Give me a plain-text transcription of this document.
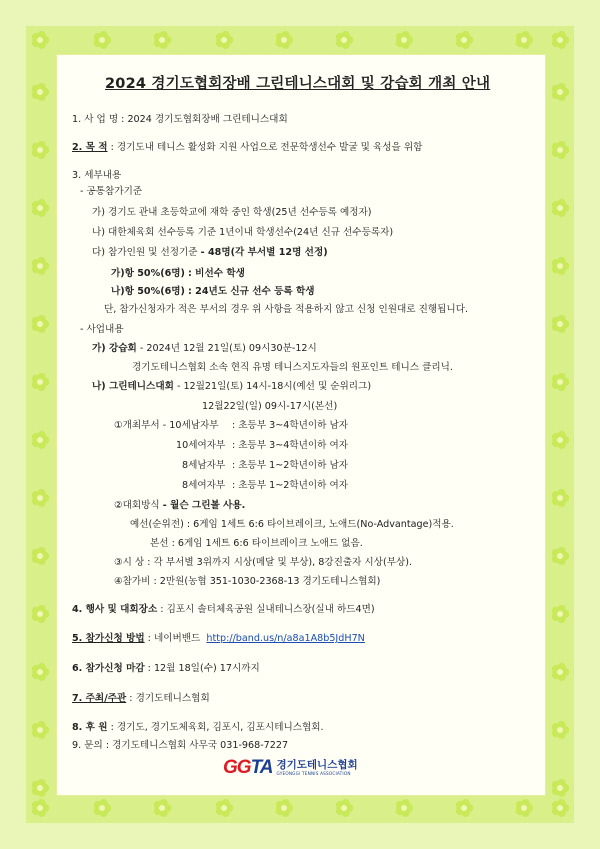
2024 경기도협회장배 그린테니스대회 및 강습회 개최 안내
1. 사 업 명 : 2024 경기도협회장배 그린테니스대회
2. 목 적 : 경기도내 테니스 활성화 지원 사업으로 전문학생선수 발굴 및 육성을 위함
3. 세부내용
- 공통참가기준
가) 경기도 관내 초등학교에 재학 중인 학생(25년 선수등록 예정자)
나) 대한체육회 선수등록 기준 1년이내 학생선수(24년 신규 선수등록자)
다) 참가인원 및 선정기준 - 48명(각 부서별 12명 선정)
가)항 50%(6명) : 비선수 학생
나)항 50%(6명) : 24년도 신규 선수 등록 학생
단, 참가신청자가 적은 부서의 경우 위 사항을 적용하지 않고 신청 인원대로 진행됩니다.
- 사업내용
가) 강습회 - 2024년 12월 21일(토) 09시30분-12시
경기도테니스협회 소속 현직 유명 테니스지도자들의 원포인트 테니스 클리닉.
나) 그린테니스대회 - 12월21일(토) 14시-18시(예선 및 순위리그)
12월22일(일) 09시-17시(본선)
①개최부서 - 10세남자부 : 초등부 3~4학년이하 남자
10세여자부 : 초등부 3~4학년이하 여자
8세남자부 : 초등부 1~2학년이하 남자
8세여자부 : 초등부 1~2학년이하 여자
②대회방식 - 월슨 그린볼 사용.
예선(순위전) : 6게임 1세트 6:6 타이브레이크, 노애드(No-Advantage)적용.
본선 : 6게임 1세트 6:6 타이브레이크 노애드 없음.
③시 상 : 각 부서별 3위까지 시상(메달 및 부상), 8강진출자 시상(부상).
④참가비 : 2만원(농협 351-1030-2368-13 경기도테니스협회)
4. 행사 및 대회장소 : 김포시 솔터체육공원 실내테니스장(실내 하드4면)
5. 참가신청 방법 : 네이버밴드 http://band.us/n/a8a1A8b5JdH7N
6. 참가신청 마감 : 12월 18일(수) 17시까지
7. 주최/주관 : 경기도테니스협회
8. 후 원 : 경기도, 경기도체육회, 김포시, 김포시테니스협회.
9. 문의 : 경기도테니스협회 사무국 031-968-7227
GGTA 경기도테니스협회
GYEONGGI TENNIS ASSOCIATION
